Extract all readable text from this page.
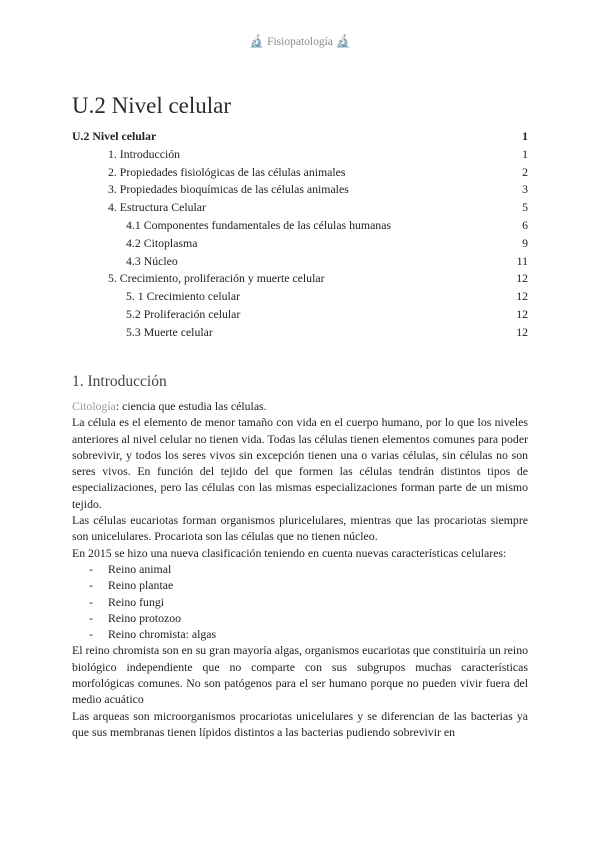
🔬 Fisiopatología 🔬
U.2 Nivel celular
U.2 Nivel celular	1
1. Introducción	1
2. Propiedades fisiológicas de las células animales	2
3. Propiedades bioquímicas de las células animales	3
4. Estructura Celular	5
4.1 Componentes fundamentales de las células humanas	6
4.2 Citoplasma	9
4.3 Núcleo	11
5. Crecimiento, proliferación y muerte celular	12
5. 1 Crecimiento celular	12
5.2 Proliferación celular	12
5.3 Muerte celular	12
1. Introducción

Citología: ciencia que estudia las células.

La célula es el elemento de menor tamaño con vida en el cuerpo humano, por lo que los niveles anteriores al nivel celular no tienen vida. Todas las células tienen elementos comunes para poder sobrevivir, y todos los seres vivos sin excepción tienen una o varias células, sin células no son seres vivos. En función del tejido del que formen las células tendrán distintos tipos de especializaciones, pero las células con las mismas especializaciones forman parte de un mismo tejido.

Las células eucariotas forman organismos pluricelulares, mientras que las procariotas siempre son unicelulares. Procariota son las células que no tienen núcleo.

En 2015 se hizo una nueva clasificación teniendo en cuenta nuevas características celulares:

- Reino animal
- Reino plantae
- Reino fungi
- Reino protozoo
- Reino chromista: algas

El reino chromista son en su gran mayoría algas, organismos eucariotas que constituiría un reino biológico independiente que no comparte con sus subgrupos muchas características morfológicas comunes. No son patógenos para el ser humano porque no pueden vivir fuera del medio acuático

Las arqueas son microorganismos procariotas unicelulares y se diferencian de las bacterias ya que sus membranas tienen lípidos distintos a las bacterias pudiendo sobrevivir en
